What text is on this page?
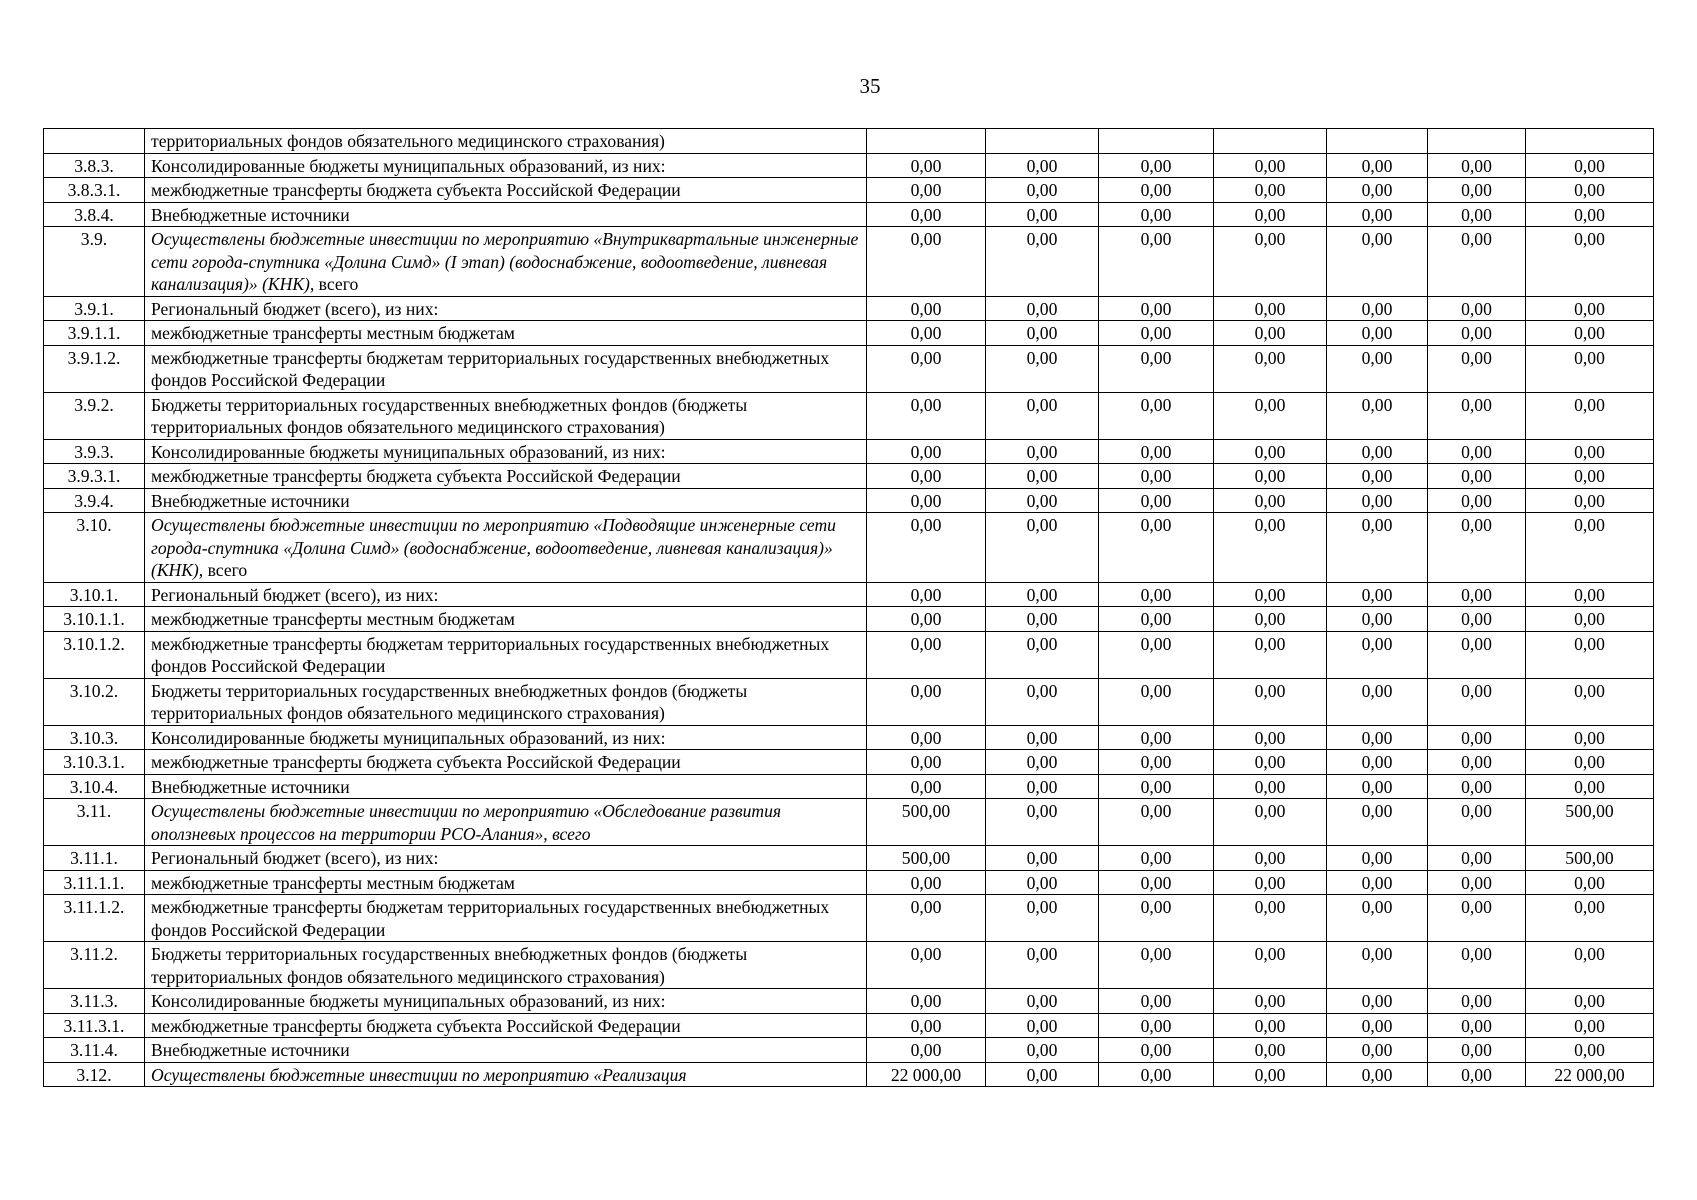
35
	территориальных фондов обязательного медицинского страхования)							
3.8.3.	Консолидированные бюджеты муниципальных образований, из них:	0,00	0,00	0,00	0,00	0,00	0,00	0,00
3.8.3.1.	межбюджетные трансферты бюджета субъекта Российской Федерации	0,00	0,00	0,00	0,00	0,00	0,00	0,00
3.8.4.	Внебюджетные источники	0,00	0,00	0,00	0,00	0,00	0,00	0,00
3.9.	Осуществлены бюджетные инвестиции по мероприятию «Внутриквартальные инженерные сети города-спутника «Долина Симд» (I этап) (водоснабжение, водоотведение, ливневая канализация)» (КНК), всего	0,00	0,00	0,00	0,00	0,00	0,00	0,00
3.9.1.	Региональный бюджет (всего), из них:	0,00	0,00	0,00	0,00	0,00	0,00	0,00
3.9.1.1.	межбюджетные трансферты местным бюджетам	0,00	0,00	0,00	0,00	0,00	0,00	0,00
3.9.1.2.	межбюджетные трансферты бюджетам территориальных государственных внебюджетных фондов Российской Федерации	0,00	0,00	0,00	0,00	0,00	0,00	0,00
3.9.2.	Бюджеты территориальных государственных внебюджетных фондов (бюджеты территориальных фондов обязательного медицинского страхования)	0,00	0,00	0,00	0,00	0,00	0,00	0,00
3.9.3.	Консолидированные бюджеты муниципальных образований, из них:	0,00	0,00	0,00	0,00	0,00	0,00	0,00
3.9.3.1.	межбюджетные трансферты бюджета субъекта Российской Федерации	0,00	0,00	0,00	0,00	0,00	0,00	0,00
3.9.4.	Внебюджетные источники	0,00	0,00	0,00	0,00	0,00	0,00	0,00
3.10.	Осуществлены бюджетные инвестиции по мероприятию «Подводящие инженерные сети города-спутника «Долина Симд» (водоснабжение, водоотведение, ливневая канализация)» (КНК), всего	0,00	0,00	0,00	0,00	0,00	0,00	0,00
3.10.1.	Региональный бюджет (всего), из них:	0,00	0,00	0,00	0,00	0,00	0,00	0,00
3.10.1.1.	межбюджетные трансферты местным бюджетам	0,00	0,00	0,00	0,00	0,00	0,00	0,00
3.10.1.2.	межбюджетные трансферты бюджетам территориальных государственных внебюджетных фондов Российской Федерации	0,00	0,00	0,00	0,00	0,00	0,00	0,00
3.10.2.	Бюджеты территориальных государственных внебюджетных фондов (бюджеты территориальных фондов обязательного медицинского страхования)	0,00	0,00	0,00	0,00	0,00	0,00	0,00
3.10.3.	Консолидированные бюджеты муниципальных образований, из них:	0,00	0,00	0,00	0,00	0,00	0,00	0,00
3.10.3.1.	межбюджетные трансферты бюджета субъекта Российской Федерации	0,00	0,00	0,00	0,00	0,00	0,00	0,00
3.10.4.	Внебюджетные источники	0,00	0,00	0,00	0,00	0,00	0,00	0,00
3.11.	Осуществлены бюджетные инвестиции по мероприятию «Обследование развития оползневых процессов на территории РСО-Алания», всего	500,00	0,00	0,00	0,00	0,00	0,00	500,00
3.11.1.	Региональный бюджет (всего), из них:	500,00	0,00	0,00	0,00	0,00	0,00	500,00
3.11.1.1.	межбюджетные трансферты местным бюджетам	0,00	0,00	0,00	0,00	0,00	0,00	0,00
3.11.1.2.	межбюджетные трансферты бюджетам территориальных государственных внебюджетных фондов Российской Федерации	0,00	0,00	0,00	0,00	0,00	0,00	0,00
3.11.2.	Бюджеты территориальных государственных внебюджетных фондов (бюджеты территориальных фондов обязательного медицинского страхования)	0,00	0,00	0,00	0,00	0,00	0,00	0,00
3.11.3.	Консолидированные бюджеты муниципальных образований, из них:	0,00	0,00	0,00	0,00	0,00	0,00	0,00
3.11.3.1.	межбюджетные трансферты бюджета субъекта Российской Федерации	0,00	0,00	0,00	0,00	0,00	0,00	0,00
3.11.4.	Внебюджетные источники	0,00	0,00	0,00	0,00	0,00	0,00	0,00
3.12.	Осуществлены бюджетные инвестиции по мероприятию «Реализация	22 000,00	0,00	0,00	0,00	0,00	0,00	22 000,00
